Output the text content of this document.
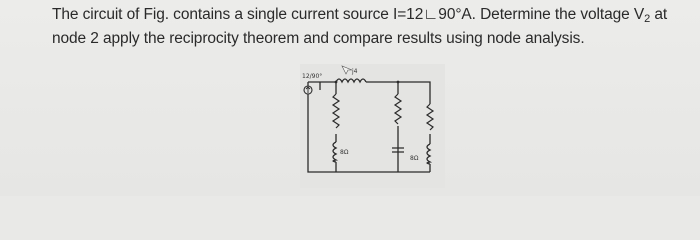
The circuit of Fig. contains a single current source I=12∟90°A. Determine the voltage $V_2$ at
node 2 apply the reciprocity theorem and compare results using node analysis.
12/90°
j4
8Ω
8Ω
